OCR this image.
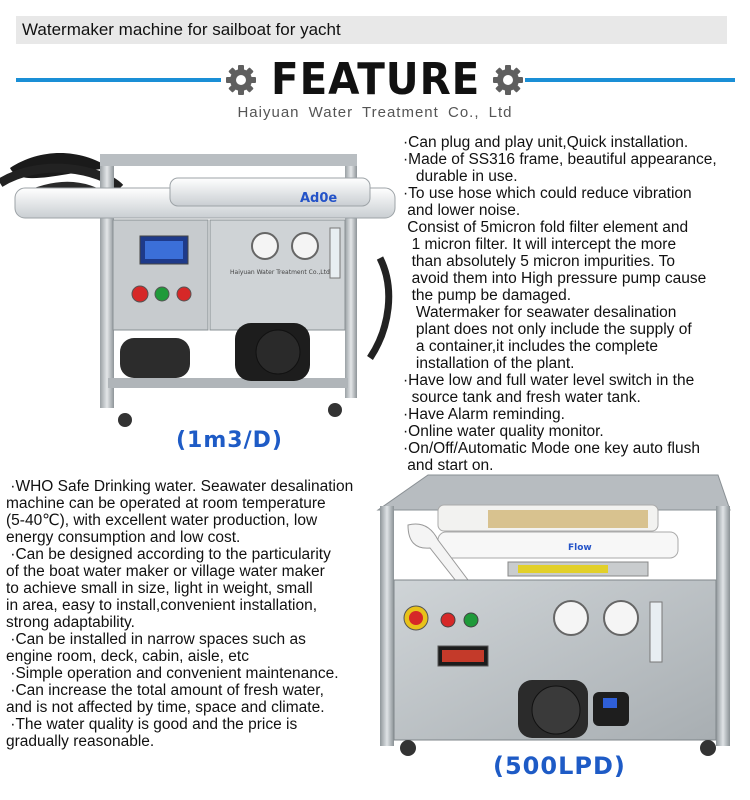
Watermaker machine for sailboat for yacht
FEATURE
Haiyuan Water Treatment Co., Ltd
Ad0e
Haiyuan Water Treatment Co.,Ltd
(1m3/D)

·Can plug and play unit,Quick installation.

·Made of SS316 frame, beautiful appearance,

durable in use.

·To use hose which could reduce vibration

and lower noise.

Consist of 5micron fold filter element and

1 micron filter. It will intercept the more

than absolutely 5 micron impurities. To

avoid them into High pressure pump cause

the pump be damaged.

Watermaker for seawater desalination

plant does not only include the supply of

a container,it includes the complete

installation of the plant.

·Have low and full water level switch in the

source tank and fresh water tank.

·Have Alarm reminding.

·Online water quality monitor.

·On/Off/Automatic Mode one key auto flush

and start on.

·WHO Safe Drinking water. Seawater desalination

machine can be operated at room temperature

(5-40℃), with excellent water production, low

energy consumption and low cost.

·Can be designed according to the particularity

of the boat water maker or village water maker

to achieve small in size, light in weight, small

in area, easy to install,convenient installation,

strong adaptability.

·Can be installed in narrow spaces such as

engine room, deck, cabin, aisle, etc

·Simple operation and convenient maintenance.

·Can increase the total amount of fresh water,

and is not affected by time, space and climate.

·The water quality is good and the price is

gradually reasonable.

Flow
(500LPD)
